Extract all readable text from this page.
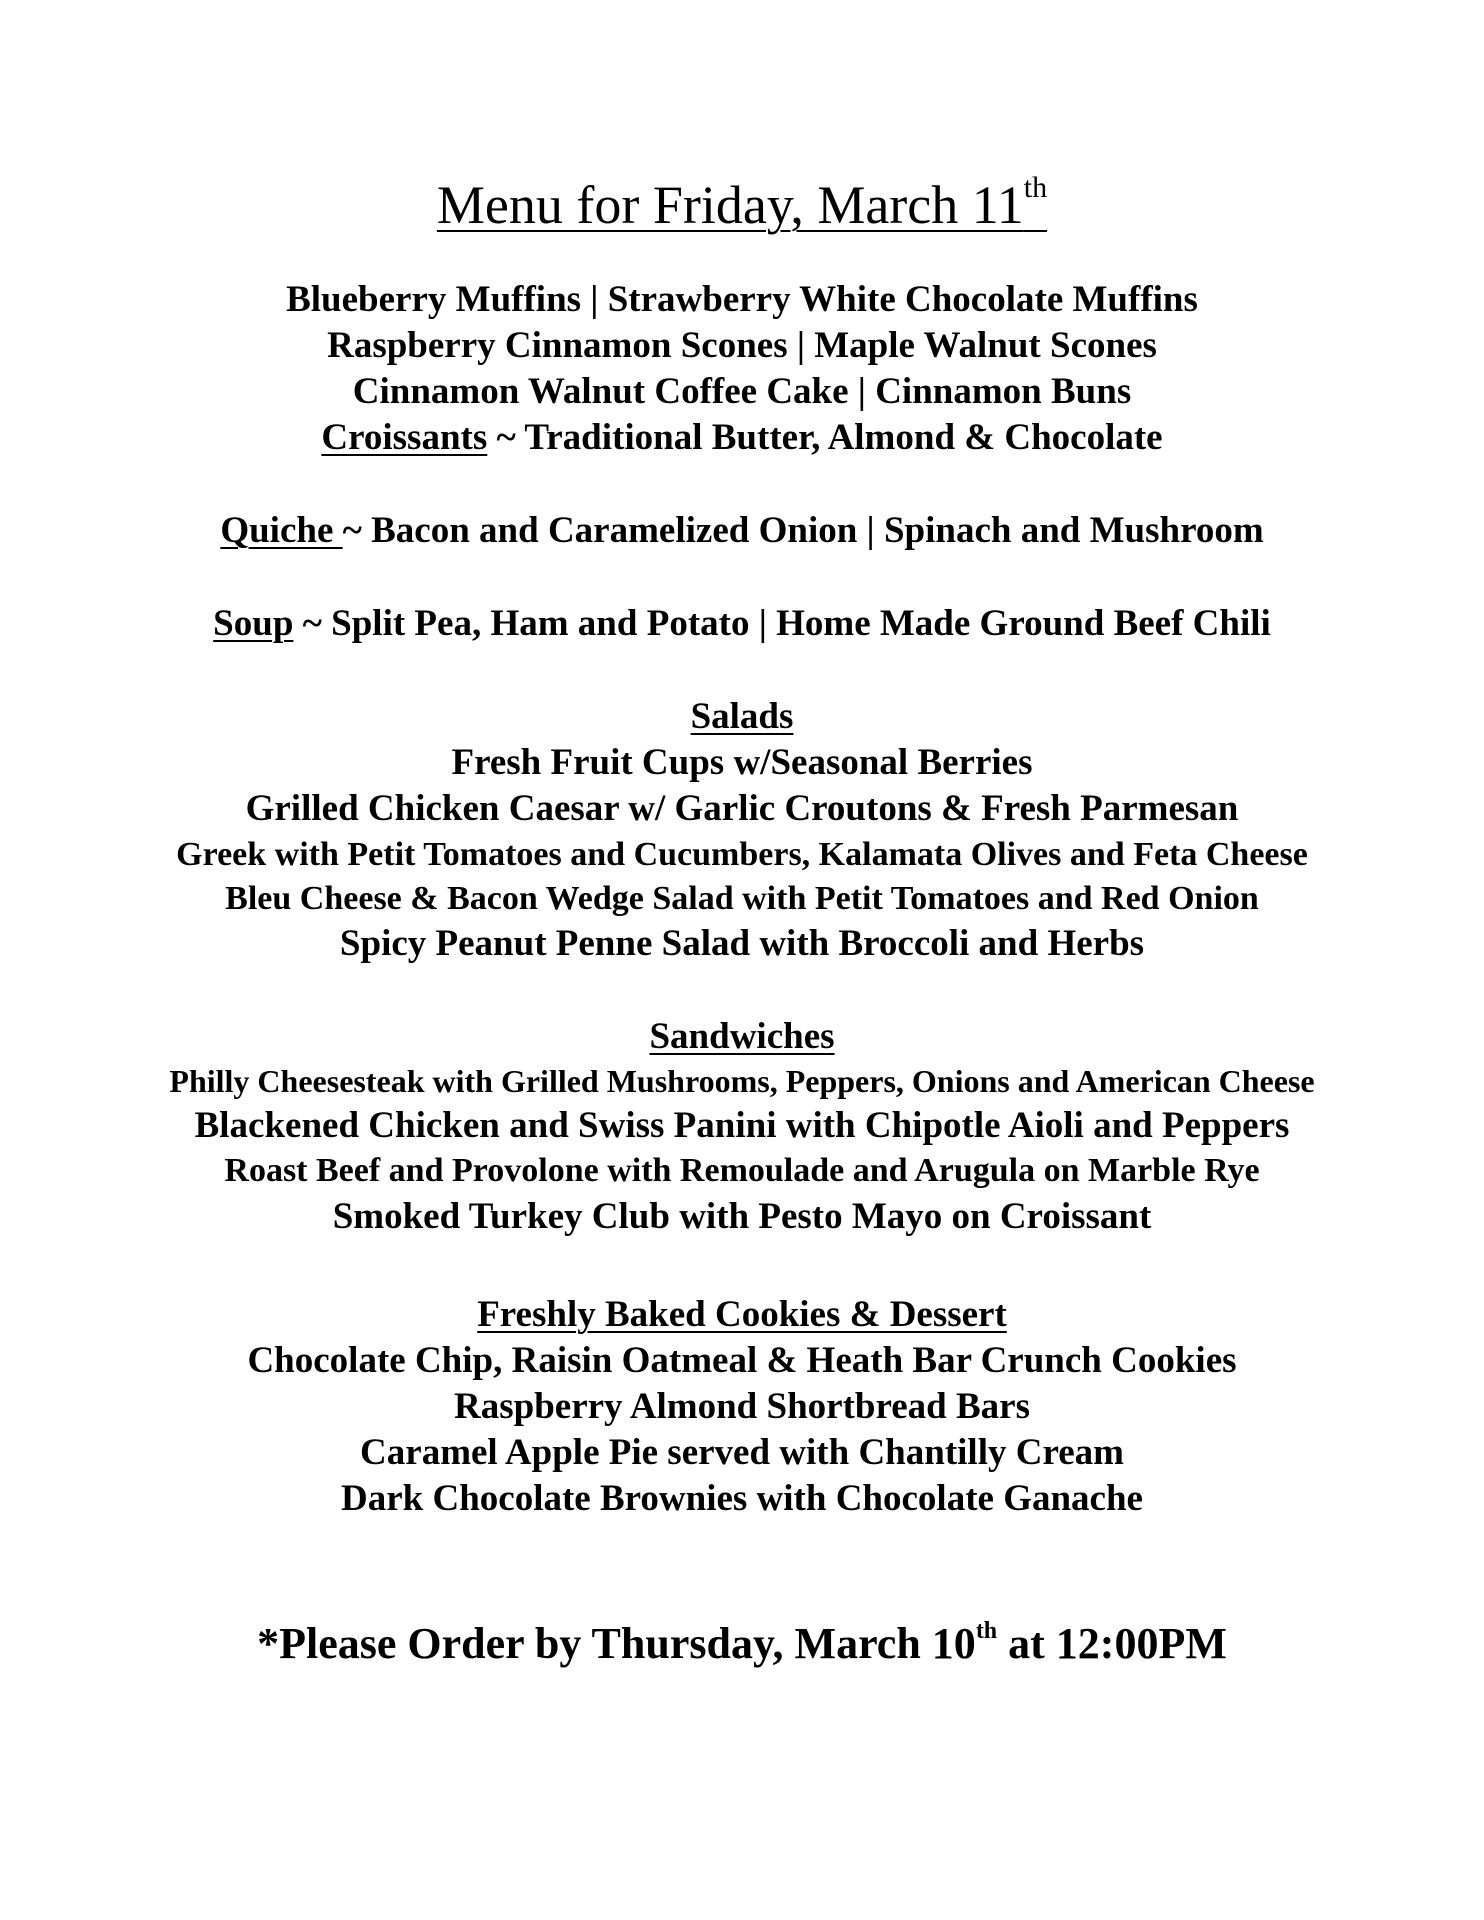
Menu for Friday, March 11th
Blueberry Muffins | Strawberry White Chocolate Muffins
Raspberry Cinnamon Scones | Maple Walnut Scones
Cinnamon Walnut Coffee Cake | Cinnamon Buns
Croissants ~ Traditional Butter, Almond & Chocolate
Quiche ~ Bacon and Caramelized Onion | Spinach and Mushroom
Soup ~ Split Pea, Ham and Potato | Home Made Ground Beef Chili
Salads
Fresh Fruit Cups w/Seasonal Berries
Grilled Chicken Caesar w/ Garlic Croutons & Fresh Parmesan
Greek with Petit Tomatoes and Cucumbers, Kalamata Olives and Feta Cheese
Bleu Cheese & Bacon Wedge Salad with Petit Tomatoes and Red Onion
Spicy Peanut Penne Salad with Broccoli and Herbs
Sandwiches
Philly Cheesesteak with Grilled Mushrooms, Peppers, Onions and American Cheese
Blackened Chicken and Swiss Panini with Chipotle Aioli and Peppers
Roast Beef and Provolone with Remoulade and Arugula on Marble Rye
Smoked Turkey Club with Pesto Mayo on Croissant
Freshly Baked Cookies & Dessert
Chocolate Chip, Raisin Oatmeal & Heath Bar Crunch Cookies
Raspberry Almond Shortbread Bars
Caramel Apple Pie served with Chantilly Cream
Dark Chocolate Brownies with Chocolate Ganache
*Please Order by Thursday, March 10th at 12:00PM
